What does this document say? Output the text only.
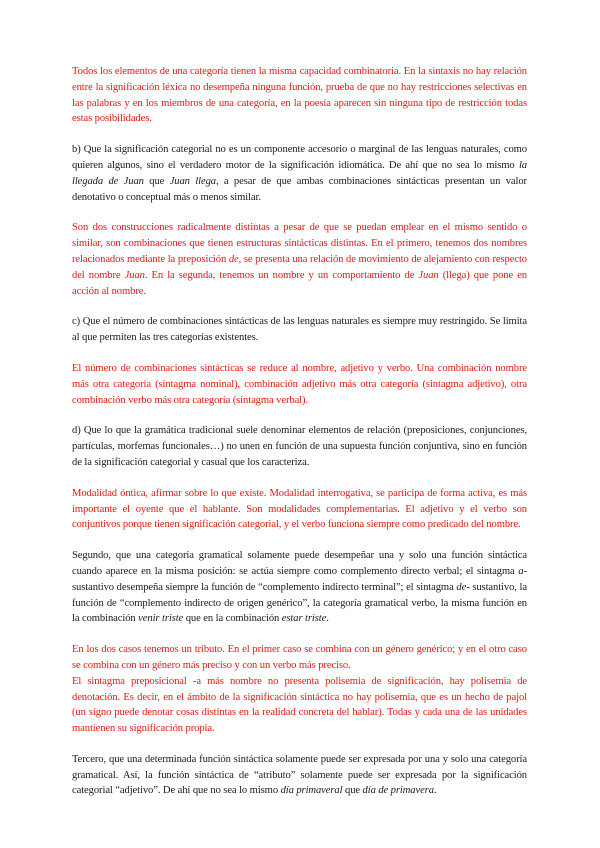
Todos los elementos de una categoría tienen la misma capacidad combinatoria. En la sintaxis no hay relación entre la significación léxica no desempeña ninguna función, prueba de que no hay restricciones selectivas en las palabras y en los miembros de una categoría, en la poesía aparecen sin ninguna tipo de restricción todas estas posibilidades.

b) Que la significación categorial no es un componente accesorio o marginal de las lenguas naturales, como quieren algunos, sino el verdadero motor de la significación idiomática. De ahí que no sea lo mismo la llegada de Juan que Juan llega, a pesar de que ambas combinaciones sintácticas presentan un valor denotativo o conceptual más o menos similar.

Son dos construcciones radicalmente distintas a pesar de que se puedan emplear en el mismo sentido o similar, son combinaciones que tienen estructuras sintácticas distintas. En el primero, tenemos dos nombres relacionados mediante la preposición de, se presenta una relación de movimiento de alejamiento con respecto del nombre Juan. En la segunda, tenemos un nombre y un comportamiento de Juan (llega) que pone en acción al nombre.

c) Que el número de combinaciones sintácticas de las lenguas naturales es siempre muy restringido. Se limita al que permiten las tres categorías existentes.

El número de combinaciones sintácticas se reduce al nombre, adjetivo y verbo. Una combinación nombre más otra categoría (sintagma nominal), combinación adjetivo más otra categoría (sintagma adjetivo), otra combinación verbo más otra categoría (sintagma verbal).

d) Que lo que la gramática tradicional suele denominar elementos de relación (preposiciones, conjunciones, partículas, morfemas funcionales…) no unen en función de una supuesta función conjuntiva, sino en función de la significación categorial y casual que los caracteriza.

Modalidad óntica, afirmar sobre lo que existe. Modalidad interrogativa, se participa de forma activa, es más importante el oyente que el hablante. Son modalidades complementarias. El adjetivo y el verbo son conjuntivos porque tienen significación categorial, y el verbo funciona siempre como predicado del nombre.

Segundo, que una categoría gramatical solamente puede desempeñar una y solo una función sintáctica cuando aparece en la misma posición: se actúa siempre como complemento directo verbal; el sintagma a- sustantivo desempeña siempre la función de “complemento indirecto terminal”; el sintagma de- sustantivo, la función de “complemento indirecto de origen genérico”, la categoría gramatical verbo, la misma función en la combinación venir triste que en la combinación estar triste.

En los dos casos tenemos un tributo. En el primer caso se combina con un género genérico; y en el otro caso se combina con un género más preciso y con un verbo más preciso.

El sintagma preposicional -a más nombre no presenta polisemia de significación, hay polisemia de denotación. Es decir, en el ámbito de la significación sintáctica no hay polisemia, que es un hecho de pajol (un signo puede denotar cosas distintas en la realidad concreta del hablar). Todas y cada una de las unidades mantienen su significación propia.

Tercero, que una determinada función sintáctica solamente puede ser expresada por una y solo una categoría gramatical. Así, la función sintáctica de “atributo” solamente puede ser expresada por la significación categorial “adjetivo”. De ahí que no sea lo mismo día primaveral que día de primavera.
